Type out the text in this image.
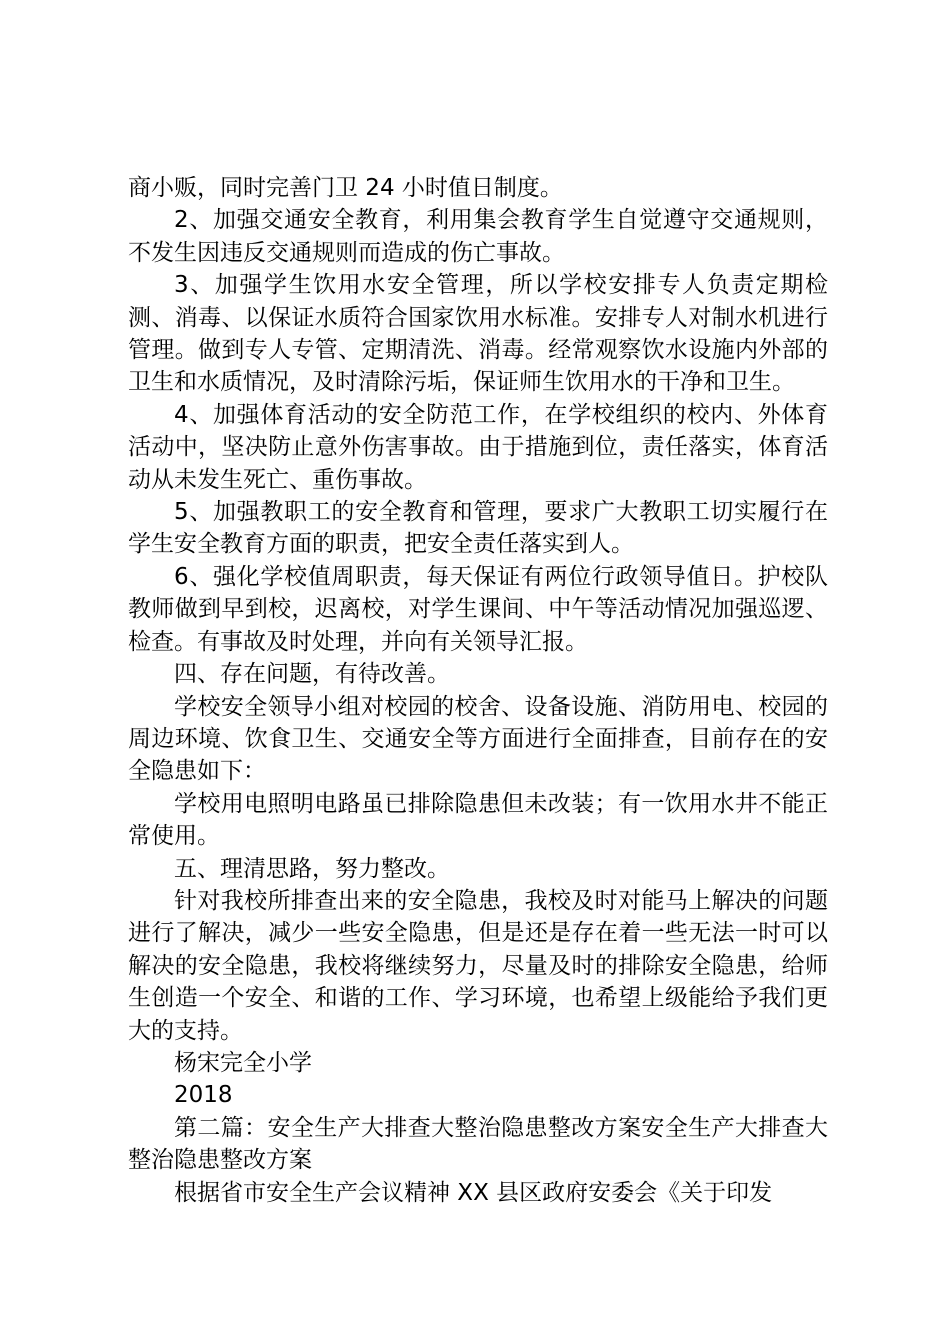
商小贩，同时完善门卫 24 小时值日制度。

2、加强交通安全教育，利用集会教育学生自觉遵守交通规则，不发生因违反交通规则而造成的伤亡事故。

3、加强学生饮用水安全管理，所以学校安排专人负责定期检测、消毒、以保证水质符合国家饮用水标准。安排专人对制水机进行管理。做到专人专管、定期清洗、消毒。经常观察饮水设施内外部的卫生和水质情况，及时清除污垢，保证师生饮用水的干净和卫生。

4、加强体育活动的安全防范工作，在学校组织的校内、外体育活动中，坚决防止意外伤害事故。由于措施到位，责任落实，体育活动从未发生死亡、重伤事故。

5、加强教职工的安全教育和管理，要求广大教职工切实履行在学生安全教育方面的职责，把安全责任落实到人。

6、强化学校值周职责，每天保证有两位行政领导值日。护校队教师做到早到校，迟离校，对学生课间、中午等活动情况加强巡逻、检查。有事故及时处理，并向有关领导汇报。

四、存在问题，有待改善。

学校安全领导小组对校园的校舍、设备设施、消防用电、校园的周边环境、饮食卫生、交通安全等方面进行全面排查，目前存在的安全隐患如下：

学校用电照明电路虽已排除隐患但未改装；有一饮用水井不能正常使用。

五、理清思路，努力整改。

针对我校所排查出来的安全隐患，我校及时对能马上解决的问题进行了解决，减少一些安全隐患，但是还是存在着一些无法一时可以解决的安全隐患，我校将继续努力，尽量及时的排除安全隐患，给师生创造一个安全、和谐的工作、学习环境，也希望上级能给予我们更大的支持。

杨宋完全小学

2018

第二篇：安全生产大排查大整治隐患整改方案安全生产大排查大整治隐患整改方案

根据省市安全生产会议精神 XX 县区政府安委会《关于印发
